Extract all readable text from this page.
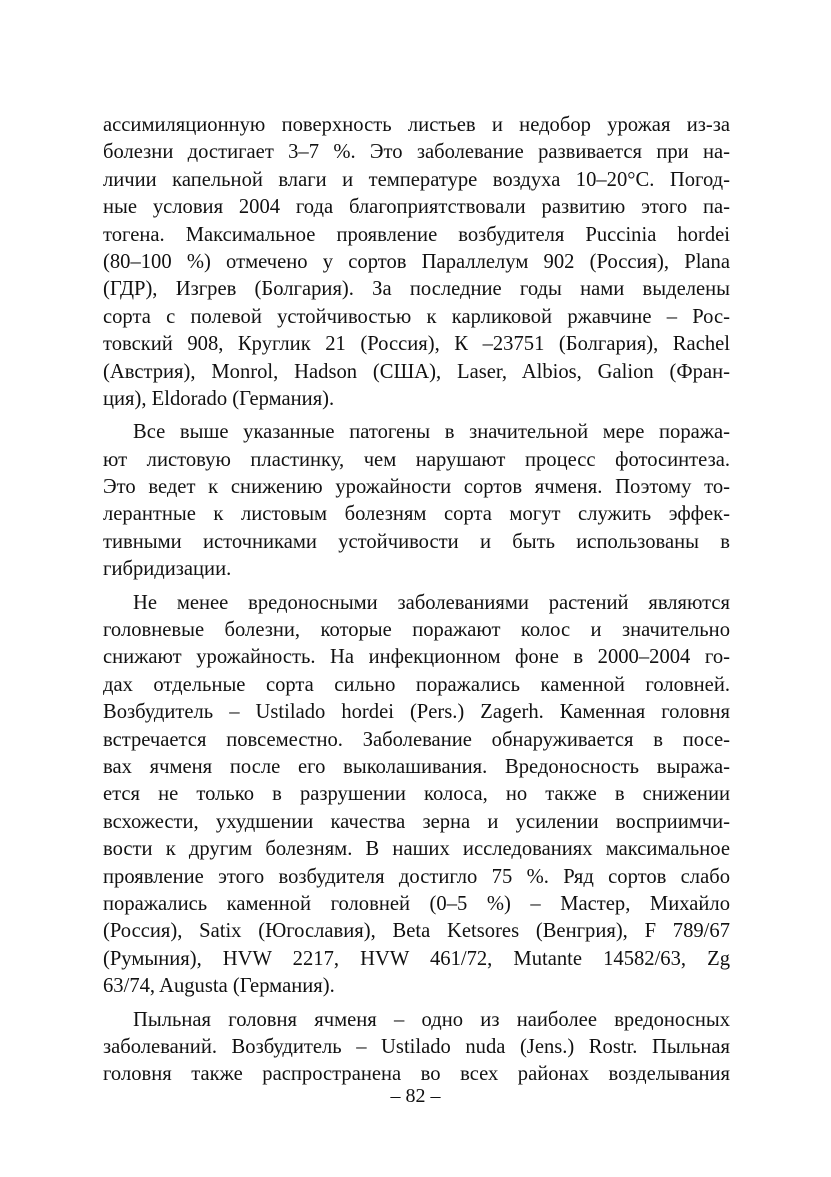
ассимиляционную поверхность листьев и недобор урожая из-за
болезни достигает 3–7 %. Это заболевание развивается при на-
личии капельной влаги и температуре воздуха 10–20°С. Погод-
ные условия 2004 года благоприятствовали развитию этого па-
тогена. Максимальное проявление возбудителя Puccinia hordei
(80–100 %) отмечено у сортов Параллелум 902 (Россия), Plana
(ГДР), Изгрев (Болгария). За последние годы нами выделены
сорта с полевой устойчивостью к карликовой ржавчине – Рос-
товский 908, Круглик 21 (Россия), К –23751 (Болгария), Rachel
(Австрия), Monrol, Hadson (США), Laser, Albios, Galion (Фран-
ция), Eldorado (Германия).
Все выше указанные патогены в значительной мере поража-
ют листовую пластинку, чем нарушают процесс фотосинтеза.
Это ведет к снижению урожайности сортов ячменя. Поэтому то-
лерантные к листовым болезням сорта могут служить эффек-
тивными источниками устойчивости и быть использованы в
гибридизации.
Не менее вредоносными заболеваниями растений являются
головневые болезни, которые поражают колос и значительно
снижают урожайность. На инфекционном фоне в 2000–2004 го-
дах отдельные сорта сильно поражались каменной головней.
Возбудитель – Ustilado hordei (Pers.) Zagerh. Каменная головня
встречается повсеместно. Заболевание обнаруживается в посе-
вах ячменя после его выколашивания. Вредоносность выража-
ется не только в разрушении колоса, но также в снижении
всхожести, ухудшении качества зерна и усилении восприимчи-
вости к другим болезням. В наших исследованиях максимальное
проявление этого возбудителя достигло 75 %. Ряд сортов слабо
поражались каменной головней (0–5 %) – Мастер, Михайло
(Россия), Satix (Югославия), Beta Ketsores (Венгрия), F 789/67
(Румыния), HVW 2217, HVW 461/72, Mutante 14582/63, Zg
63/74, Augusta (Германия).
Пыльная головня ячменя – одно из наиболее вредоносных
заболеваний. Возбудитель – Ustilado nuda (Jens.) Rostr. Пыльная
головня также распространена во всех районах возделывания
– 82 –
